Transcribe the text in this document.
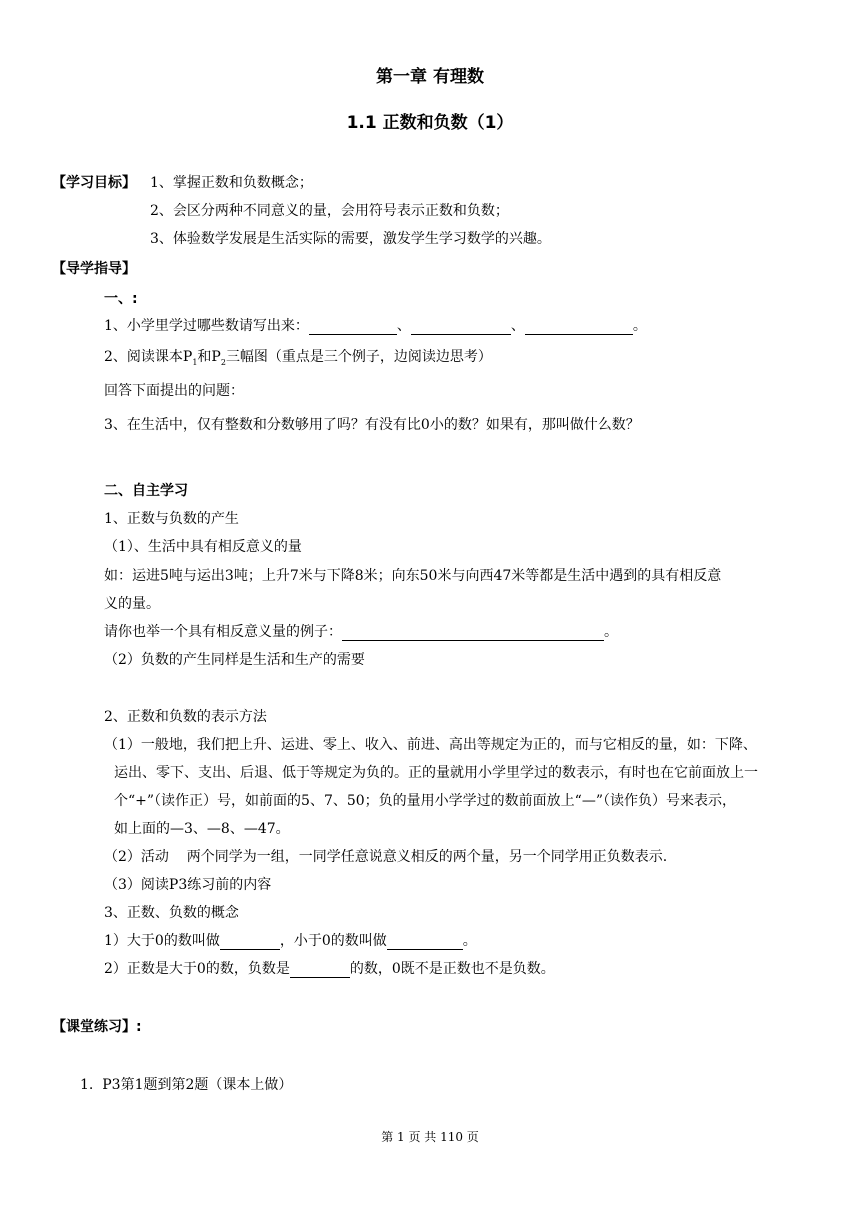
第一章 有理数
1.1 正数和负数（1）
【学习目标】 1、掌握正数和负数概念；
2、会区分两种不同意义的量，会用符号表示正数和负数；
3、体验数学发展是生活实际的需要，激发学生学习数学的兴趣。
【导学指导】
一、:
1、小学里学过哪些数请写出来：	、	、	。
2、阅读课本$P_1$和$P_2$三幅图（重点是三个例子，边阅读边思考）
回答下面提出的问题：
3、在生活中，仅有整数和分数够用了吗？有没有比0小的数？如果有，那叫做什么数？
二、自主学习
1、正数与负数的产生
（1）、生活中具有相反意义的量
如：运进5吨与运出3吨；上升7米与下降8米；向东50米与向西47米等都是生活中遇到的具有相反意
义的量。
请你也举一个具有相反意义量的例子：	。
（2）负数的产生同样是生活和生产的需要
2、正数和负数的表示方法
（1）一般地，我们把上升、运进、零上、收入、前进、高出等规定为正的，而与它相反的量，如：下降、
运出、零下、支出、后退、低于等规定为负的。正的量就用小学里学过的数表示，有时也在它前面放上一
个“+”（读作正）号，如前面的5、7、50；负的量用小学学过的数前面放上“—”（读作负）号来表示，
如上面的—3、—8、—47。
（2）活动    两个同学为一组，一同学任意说意义相反的两个量，另一个同学用正负数表示.
（3）阅读P3练习前的内容
3、正数、负数的概念
1）大于0的数叫做	，小于0的数叫做	。
2）正数是大于0的数，负数是	的数，0既不是正数也不是负数。
【课堂练习】:
1.  P3第1题到第2题（课本上做）
第 1 页 共 110 页
